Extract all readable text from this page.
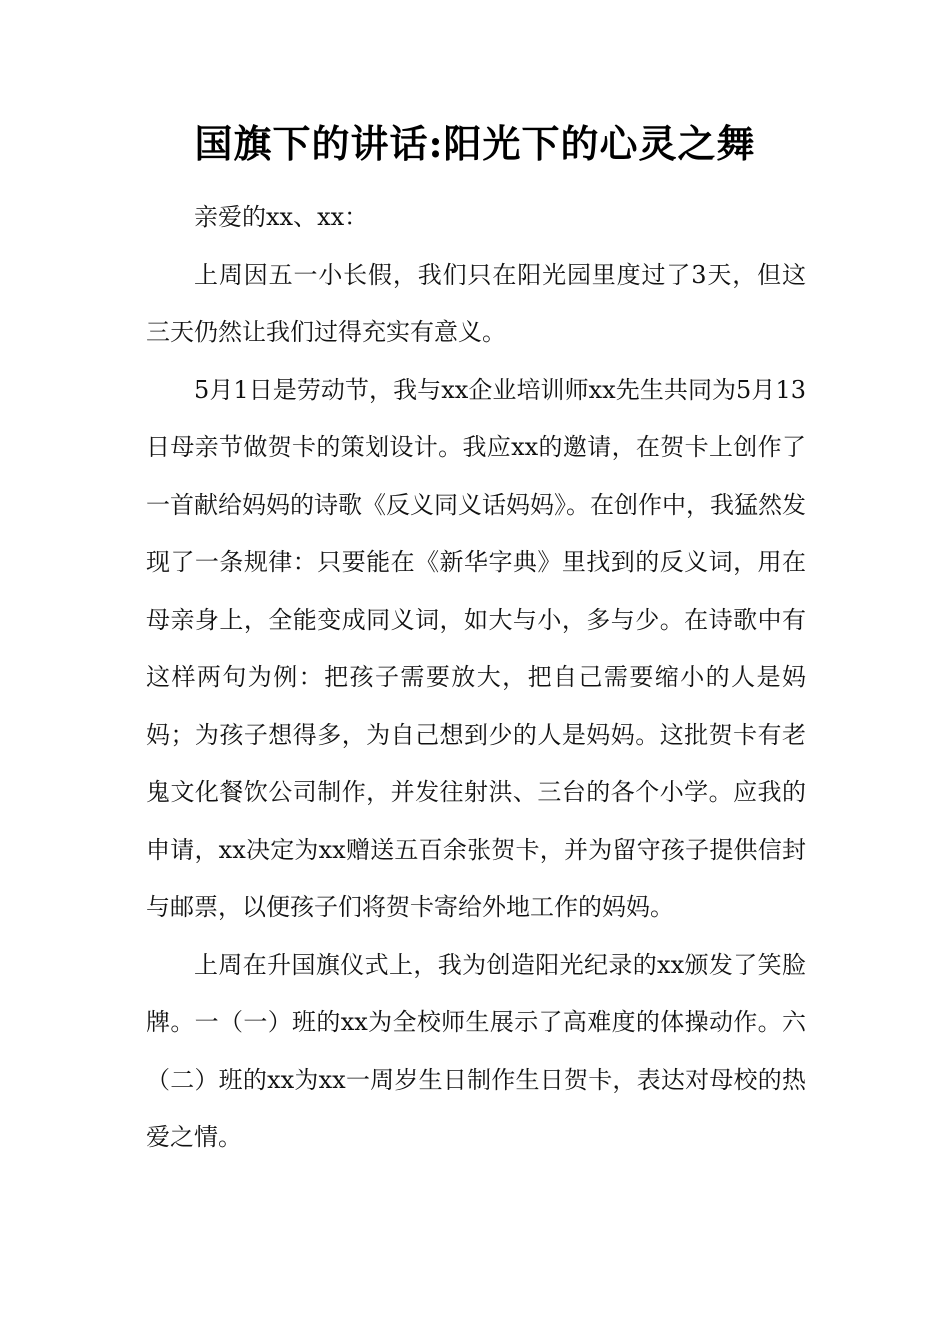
国旗下的讲话:阳光下的心灵之舞

亲爱的xx、xx：

上周因五一小长假，我们只在阳光园里度过了3天，但这三天仍然让我们过得充实有意义。

5月1日是劳动节，我与xx企业培训师xx先生共同为5月13日母亲节做贺卡的策划设计。我应xx的邀请，在贺卡上创作了一首献给妈妈的诗歌《反义同义话妈妈》。在创作中，我猛然发现了一条规律：只要能在《新华字典》里找到的反义词，用在母亲身上，全能变成同义词，如大与小，多与少。在诗歌中有这样两句为例：把孩子需要放大，把自己需要缩小的人是妈妈；为孩子想得多，为自己想到少的人是妈妈。这批贺卡有老鬼文化餐饮公司制作，并发往射洪、三台的各个小学。应我的申请，xx决定为xx赠送五百余张贺卡，并为留守孩子提供信封与邮票，以便孩子们将贺卡寄给外地工作的妈妈。

上周在升国旗仪式上，我为创造阳光纪录的xx颁发了笑脸牌。一（一）班的xx为全校师生展示了高难度的体操动作。六（二）班的xx为xx一周岁生日制作生日贺卡，表达对母校的热爱之情。
